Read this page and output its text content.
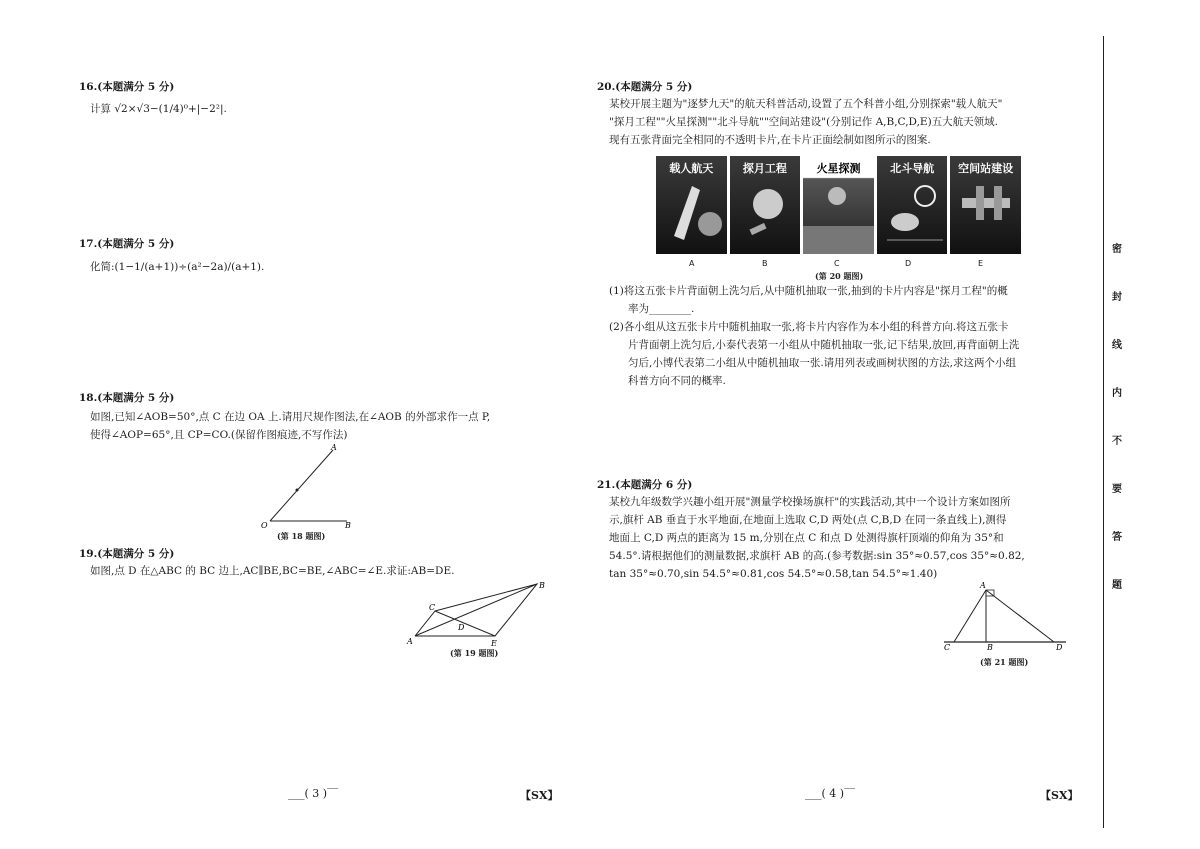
16.(本题满分 5 分)
计算 √2×√3−(1/4)⁰+|−2²|.
17.(本题满分 5 分)
化简:(1−1/(a+1))÷(a²−2a)/(a+1).
18.(本题满分 5 分)
如图,已知∠AOB=50°,点 C 在边 OA 上.请用尺规作图法,在∠AOB 的外部求作一点 P,
使得∠AOP=65°,且 CP=CO.(保留作图痕迹,不写作法)
A
O	B
(第 18 题图)
19.(本题满分 5 分)
如图,点 D 在△ABC 的 BC 边上,AC∥BE,BC=BE,∠ABC=∠E.求证:AB=DE.
A
B
C
D
E
(第 19 题图)
20.(本题满分 5 分)
某校开展主题为"逐梦九天"的航天科普活动,设置了五个科普小组,分别探索"载人航天"
"探月工程""火星探测""北斗导航""空间站建设"(分别记作 A,B,C,D,E)五大航天领域.
现有五张背面完全相同的不透明卡片,在卡片正面绘制如图所示的图案.
载人航天	探月工程	火星探测	北斗导航	空间站建设
A	B	C	D	E
(第 20 题图)
(1)将这五张卡片背面朝上洗匀后,从中随机抽取一张,抽到的卡片内容是"探月工程"的概
率为________.
(2)各小组从这五张卡片中随机抽取一张,将卡片内容作为本小组的科普方向.将这五张卡
片背面朝上洗匀后,小泰代表第一小组从中随机抽取一张,记下结果,放回,再背面朝上洗
匀后,小博代表第二小组从中随机抽取一张.请用列表或画树状图的方法,求这两个小组
科普方向不同的概率.
21.(本题满分 6 分)
某校九年级数学兴趣小组开展"测量学校操场旗杆"的实践活动,其中一个设计方案如图所
示,旗杆 AB 垂直于水平地面,在地面上选取 C,D 两处(点 C,B,D 在同一条直线上),测得
地面上 C,D 两点的距离为 15 m,分别在点 C 和点 D 处测得旗杆顶端的仰角为 35°和
54.5°.请根据他们的测量数据,求旗杆 AB 的高.(参考数据:sin 35°≈0.57,cos 35°≈0.82,
tan 35°≈0.70,sin 54.5°≈0.81,cos 54.5°≈0.58,tan 54.5°≈1.40)
A
B
C	D
(第 21 题图)
___( 3 )‾‾	【SX】	___( 4 )‾‾	【SX】
密
封
线
内
不
要
答
题
